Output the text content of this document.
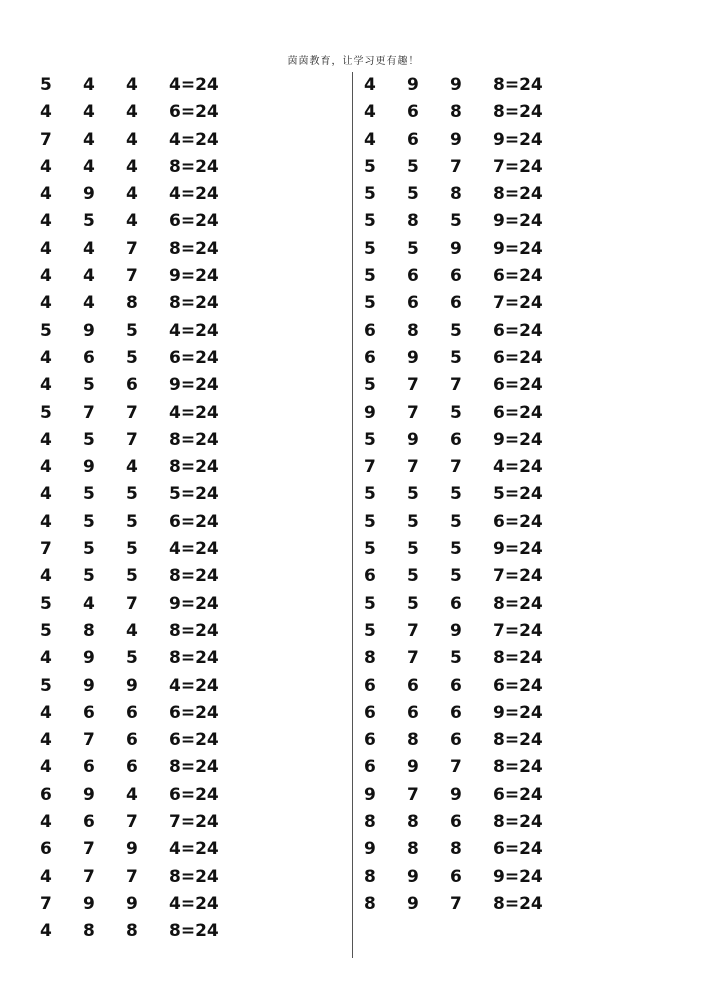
茵茵教育，让学习更有趣！
5 4 4 4=24
4 4 4 6=24
7 4 4 4=24
4 4 4 8=24
4 9 4 4=24
4 5 4 6=24
4 4 7 8=24
4 4 7 9=24
4 4 8 8=24
5 9 5 4=24
4 6 5 6=24
4 5 6 9=24
5 7 7 4=24
4 5 7 8=24
4 9 4 8=24
4 5 5 5=24
4 5 5 6=24
7 5 5 4=24
4 5 5 8=24
5 4 7 9=24
5 8 4 8=24
4 9 5 8=24
5 9 9 4=24
4 6 6 6=24
4 7 6 6=24
4 6 6 8=24
6 9 4 6=24
4 6 7 7=24
6 7 9 4=24
4 7 7 8=24
7 9 9 4=24
4 8 8 8=24
4 9 9 8=24
4 6 8 8=24
4 6 9 9=24
5 5 7 7=24
5 5 8 8=24
5 8 5 9=24
5 5 9 9=24
5 6 6 6=24
5 6 6 7=24
6 8 5 6=24
6 9 5 6=24
5 7 7 6=24
9 7 5 6=24
5 9 6 9=24
7 7 7 4=24
5 5 5 5=24
5 5 5 6=24
5 5 5 9=24
6 5 5 7=24
5 5 6 8=24
5 7 9 7=24
8 7 5 8=24
6 6 6 6=24
6 6 6 9=24
6 8 6 8=24
6 9 7 8=24
9 7 9 6=24
8 8 6 8=24
9 8 8 6=24
8 9 6 9=24
8 9 7 8=24
